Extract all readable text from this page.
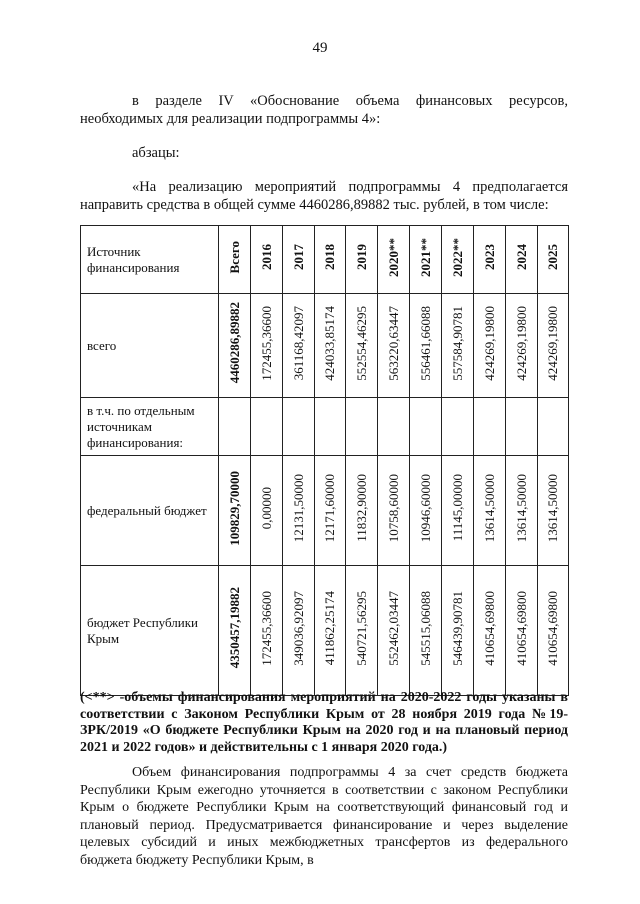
49
в разделе IV «Обоснование объема финансовых ресурсов, необходимых для реализации подпрограммы 4»:
абзацы:
«На реализацию мероприятий подпрограммы 4 предполагается направить средства в общей сумме 4460286,89882 тыс. рублей, в том числе:
Источник финансирования	Всего	2016	2017	2018	2019	2020**	2021**	2022**	2023	2024	2025
всего	4460286,89882	172455,36600	361168,42097	424033,85174	552554,46295	563220,63447	556461,66088	557584,90781	424269,19800	424269,19800	424269,19800
в т.ч. по отдельным источникам финансирования:											
федеральный бюджет	109829,70000	0,00000	12131,50000	12171,60000	11832,90000	10758,60000	10946,60000	11145,00000	13614,50000	13614,50000	13614,50000
бюджет Республики Крым	4350457,19882	172455,36600	349036,92097	411862,25174	540721,56295	552462,03447	545515,06088	546439,90781	410654,69800	410654,69800	410654,69800
(<**> -объемы финансирования мероприятий на 2020-2022 годы указаны в соответствии с Законом Республики Крым от 28 ноября 2019 года №19-ЗРК/2019 «О бюджете Республики Крым на 2020 год и на плановый период 2021 и 2022 годов» и действительны с 1 января 2020 года.)
Объем финансирования подпрограммы 4 за счет средств бюджета Республики Крым ежегодно уточняется в соответствии с законом Республики Крым о бюджете Республики Крым на соответствующий финансовый год и плановый период. Предусматривается финансирование и через выделение целевых субсидий и иных межбюджетных трансфертов из федерального бюджета бюджету Республики Крым, в
